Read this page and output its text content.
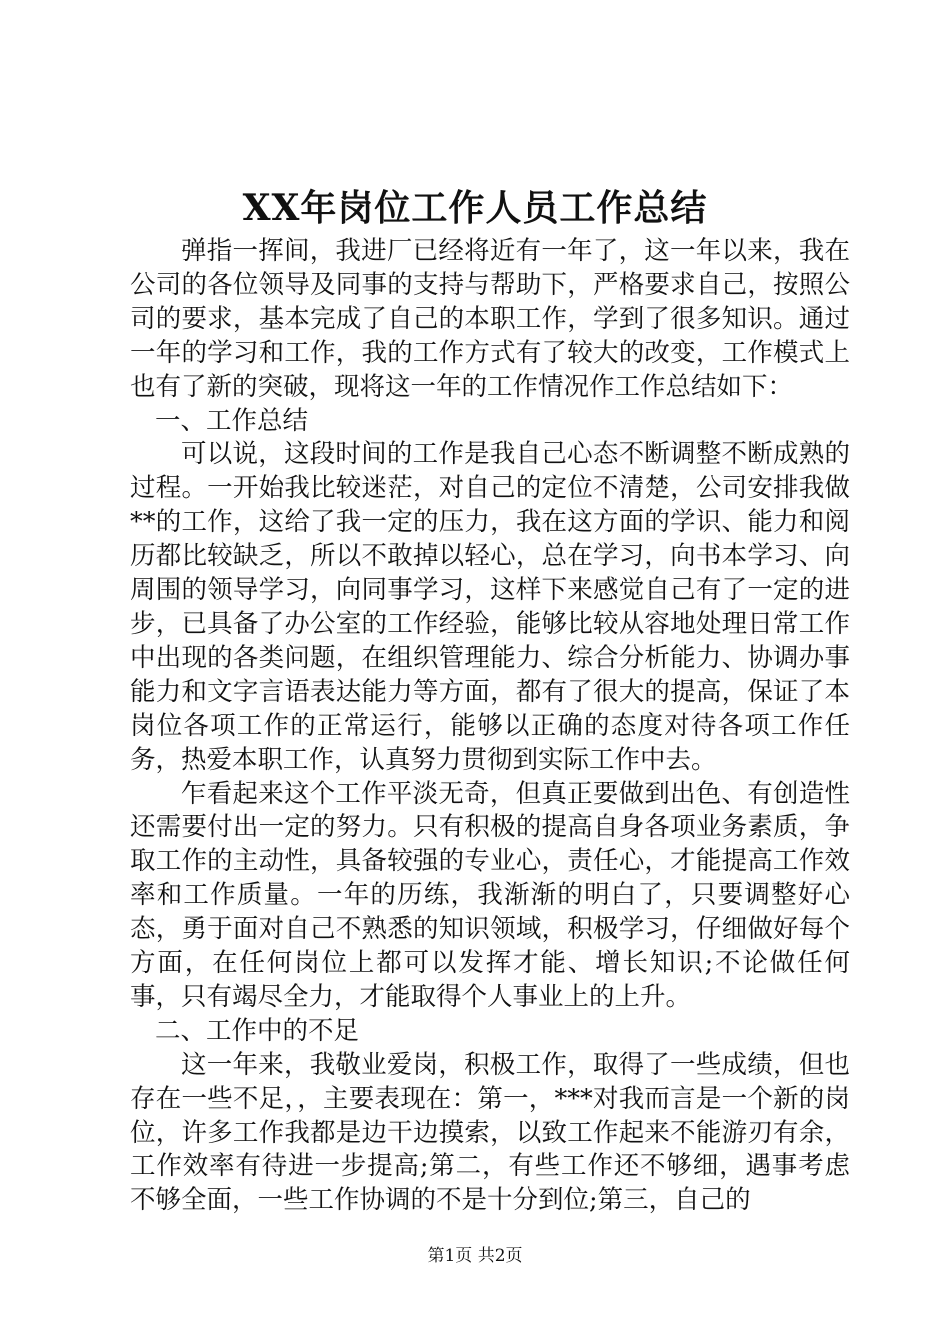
XX年岗位工作人员工作总结

弹指一挥间，我进厂已经将近有一年了，这一年以来，我在公司的各位领导及同事的支持与帮助下，严格要求自己，按照公司的要求，基本完成了自己的本职工作，学到了很多知识。通过一年的学习和工作，我的工作方式有了较大的改变，工作模式上也有了新的突破，现将这一年的工作情况作工作总结如下：

一、工作总结

可以说，这段时间的工作是我自己心态不断调整不断成熟的过程。一开始我比较迷茫，对自己的定位不清楚，公司安排我做**的工作，这给了我一定的压力，我在这方面的学识、能力和阅历都比较缺乏，所以不敢掉以轻心，总在学习，向书本学习、向周围的领导学习，向同事学习，这样下来感觉自己有了一定的进步，已具备了办公室的工作经验，能够比较从容地处理日常工作中出现的各类问题，在组织管理能力、综合分析能力、协调办事能力和文字言语表达能力等方面，都有了很大的提高，保证了本岗位各项工作的正常运行，能够以正确的态度对待各项工作任务，热爱本职工作，认真努力贯彻到实际工作中去。

乍看起来这个工作平淡无奇，但真正要做到出色、有创造性还需要付出一定的努力。只有积极的提高自身各项业务素质，争取工作的主动性，具备较强的专业心，责任心，才能提高工作效率和工作质量。一年的历练，我渐渐的明白了，只要调整好心态，勇于面对自己不熟悉的知识领域，积极学习，仔细做好每个方面，在任何岗位上都可以发挥才能、增长知识;不论做任何事，只有竭尽全力，才能取得个人事业上的上升。

二、工作中的不足

这一年来，我敬业爱岗，积极工作，取得了一些成绩，但也存在一些不足，，主要表现在：第一，***对我而言是一个新的岗位，许多工作我都是边干边摸索，以致工作起来不能游刃有余，工作效率有待进一步提高;第二，有些工作还不够细，遇事考虑不够全面，一些工作协调的不是十分到位;第三，自己的

第1页 共2页
